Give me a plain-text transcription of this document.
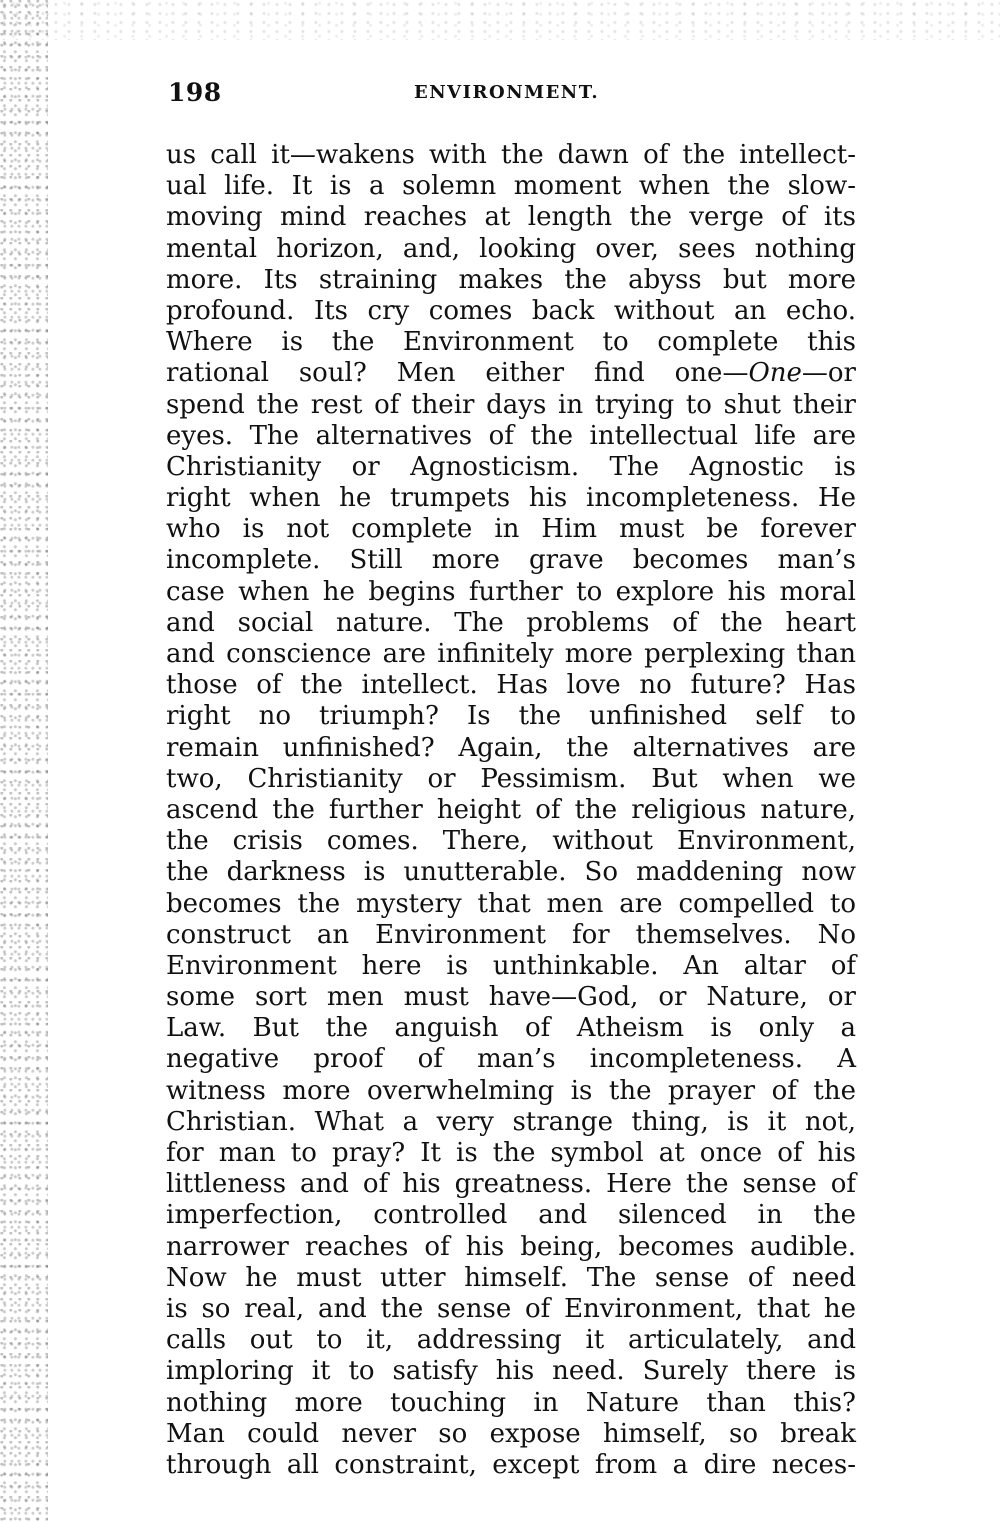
198	ENVIRONMENT.
us call it—wakens with the dawn of the intellect-
ual life. It is a solemn moment when the slow-
moving mind reaches at length the verge of its
mental horizon, and, looking over, sees nothing
more. Its straining makes the abyss but more
profound. Its cry comes back without an echo.
Where is the Environment to complete this
rational soul? Men either find one—One—or
spend the rest of their days in trying to shut their
eyes. The alternatives of the intellectual life are
Christianity or Agnosticism. The Agnostic is
right when he trumpets his incompleteness. He
who is not complete in Him must be forever
incomplete. Still more grave becomes man’s
case when he begins further to explore his moral
and social nature. The problems of the heart
and conscience are infinitely more perplexing than
those of the intellect. Has love no future? Has
right no triumph? Is the unfinished self to
remain unfinished? Again, the alternatives are
two, Christianity or Pessimism. But when we
ascend the further height of the religious nature,
the crisis comes. There, without Environment,
the darkness is unutterable. So maddening now
becomes the mystery that men are compelled to
construct an Environment for themselves. No
Environment here is unthinkable. An altar of
some sort men must have—God, or Nature, or
Law. But the anguish of Atheism is only a
negative proof of man’s incompleteness. A
witness more overwhelming is the prayer of the
Christian. What a very strange thing, is it not,
for man to pray? It is the symbol at once of his
littleness and of his greatness. Here the sense of
imperfection, controlled and silenced in the
narrower reaches of his being, becomes audible.
Now he must utter himself. The sense of need
is so real, and the sense of Environment, that he
calls out to it, addressing it articulately, and
imploring it to satisfy his need. Surely there is
nothing more touching in Nature than this?
Man could never so expose himself, so break
through all constraint, except from a dire neces-
